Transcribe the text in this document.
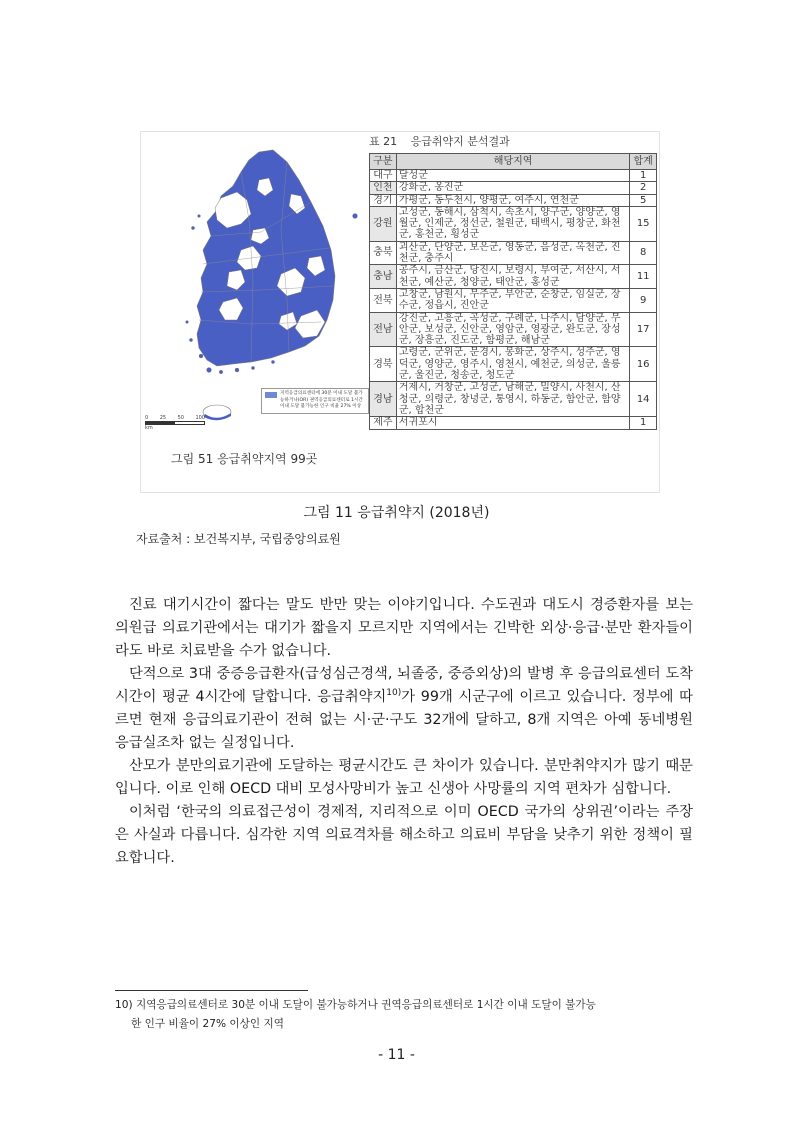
지역응급의료센터에 30분 이내 도달 불가능하거나(OR) 권역응급의료센터로 1시간 이내 도달 불가능한 인구 비율 27% 이상
0 25 50 100
km
그림 51 응급취약지역 99곳
표 21 응급취약지 분석결과
구분	해당지역	합계
대구	달성군	1
인천	강화군, 옹진군	2
경기	가평군, 동두천시, 양평군, 여주시, 연천군	5
강원	고성군, 동해시, 삼척시, 속초시, 양구군, 양양군, 영월군, 인제군, 정선군, 철원군, 태백시, 평창군, 화천군, 홍천군, 횡성군	15
충북	괴산군, 단양군, 보은군, 영동군, 음성군, 옥천군, 진천군, 충주시	8
충남	공주시, 금산군, 당진시, 보령시, 부여군, 서산시, 서천군, 예산군, 청양군, 태안군, 홍성군	11
전북	고창군, 남원시, 무주군, 부안군, 순창군, 임실군, 장수군, 정읍시, 진안군	9
전남	강진군, 고흥군, 곡성군, 구례군, 나주시, 담양군, 무안군, 보성군, 신안군, 영암군, 영광군, 완도군, 장성군, 장흥군, 진도군, 함평군, 해남군	17
경북	고령군, 군위군, 문경시, 봉화군, 상주시, 성주군, 영덕군, 영양군, 영주시, 영천시, 예천군, 의성군, 울릉군, 울진군, 청송군, 청도군	16
경남	거제시, 거창군, 고성군, 남해군, 밀양시, 사천시, 산청군, 의령군, 창녕군, 통영시, 하동군, 함안군, 함양군, 합천군	14
제주	서귀포시	1
그림 11 응급취약지 (2018년)
자료출처 : 보건복지부, 국립중앙의료원

진료 대기시간이 짧다는 말도 반만 맞는 이야기입니다. 수도권과 대도시 경증환자를 보는 의원급 의료기관에서는 대기가 짧을지 모르지만 지역에서는 긴박한 외상·응급·분만 환자들이라도 바로 치료받을 수가 없습니다.

단적으로 3대 중증응급환자(급성심근경색, 뇌졸중, 중증외상)의 발병 후 응급의료센터 도착시간이 평균 4시간에 달합니다. 응급취약지$^{10)}$가 99개 시군구에 이르고 있습니다. 정부에 따르면 현재 응급의료기관이 전혀 없는 시·군·구도 32개에 달하고, 8개 지역은 아예 동네병원 응급실조차 없는 실정입니다.

산모가 분만의료기관에 도달하는 평균시간도 큰 차이가 있습니다. 분만취약지가 많기 때문입니다. 이로 인해 OECD 대비 모성사망비가 높고 신생아 사망률의 지역 편차가 심합니다.

이처럼 ‘한국의 의료접근성이 경제적, 지리적으로 이미 OECD 국가의 상위권’이라는 주장은 사실과 다릅니다. 심각한 지역 의료격차를 해소하고 의료비 부담을 낮추기 위한 정책이 필요합니다.

10) 지역응급의료센터로 30분 이내 도달이 불가능하거나 권역응급의료센터로 1시간 이내 도달이 불가능
한 인구 비율이 27% 이상인 지역
- 11 -
